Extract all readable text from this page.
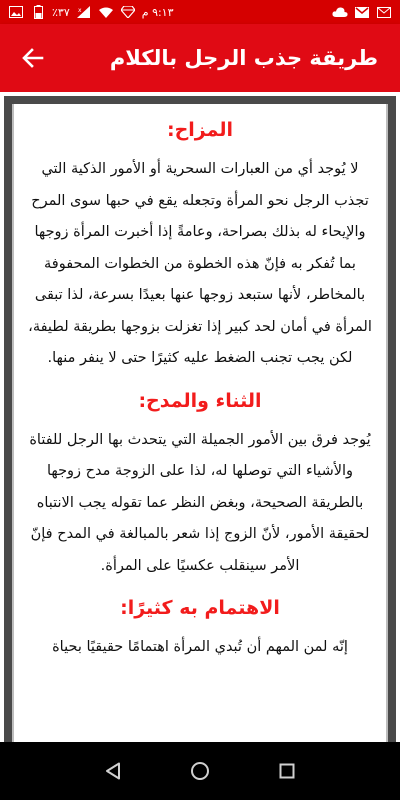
٣٧٪ x	٩:١٣ م
طريقة جذب الرجل بالكلام
المزاح:

لا يُوجد أي من العبارات السحرية أو الأمور الذكية التي تجذب الرجل نحو المرأة وتجعله يقع في حبها سوى المرح والإيحاء له بذلك بصراحة، وعامةً إذا أخبرت المرأة زوجها بما تُفكر به فإنّ هذه الخطوة من الخطوات المحفوفة بالمخاطر، لأنها ستبعد زوجها عنها بعيدًا بسرعة، لذا تبقى المرأة في أمان لحد كبير إذا تغزلت بزوجها بطريقة لطيفة، لكن يجب تجنب الضغط عليه كثيرًا حتى لا ينفر منها.

الثناء والمدح:

يُوجد فرق بين الأمور الجميلة التي يتحدث بها الرجل للفتاة والأشياء التي توصلها له، لذا على الزوجة مدح زوجها بالطريقة الصحيحة، وبغض النظر عما تقوله يجب الانتباه لحقيقة الأمور، لأنّ الزوج إذا شعر بالمبالغة في المدح فإنّ الأمر سينقلب عكسيًا على المرأة.

الاهتمام به كثيرًا:

إنّه لمن المهم أن تُبدي المرأة اهتمامًا حقيقيًا بحياة
